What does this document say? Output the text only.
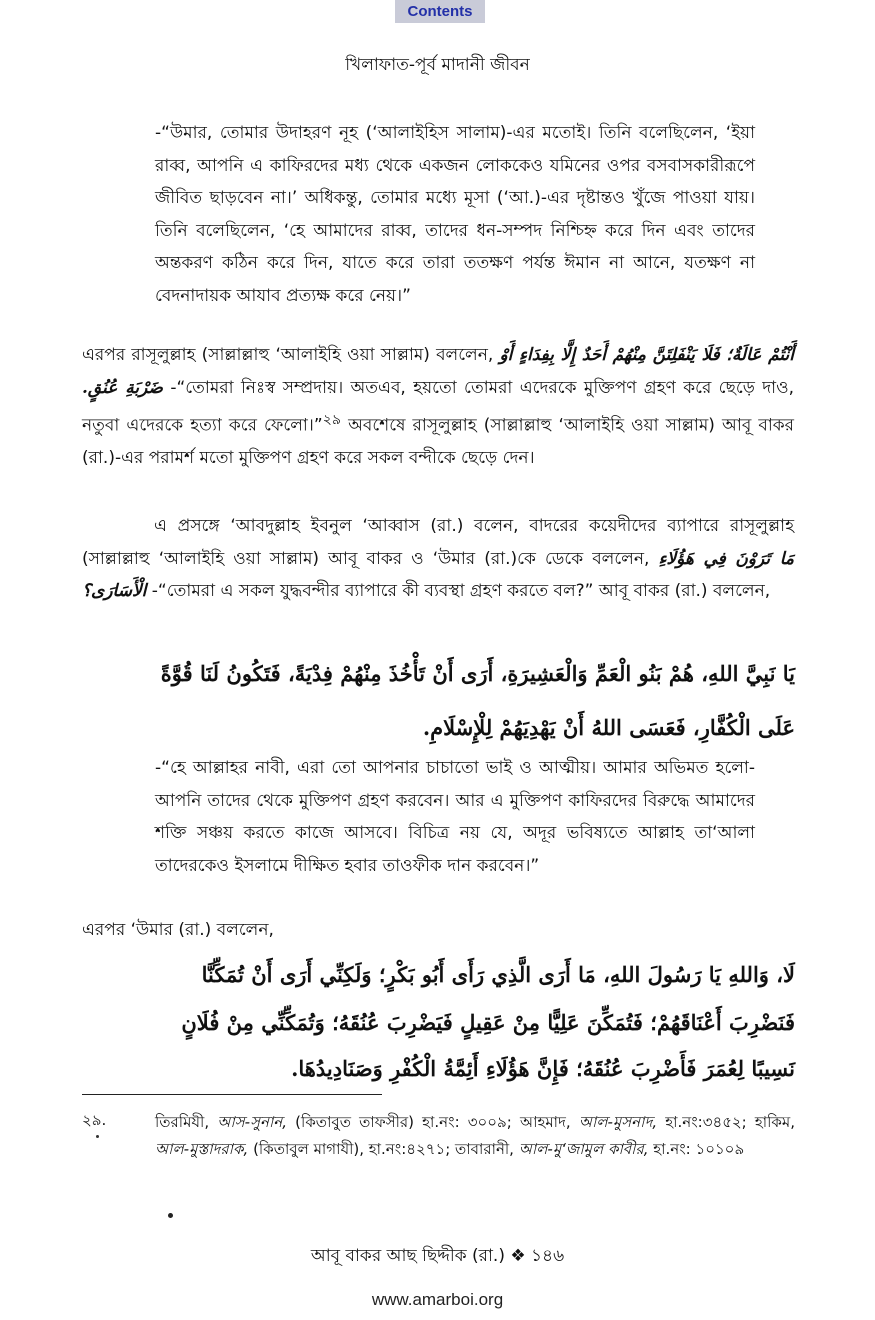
Contents
খিলাফাত-পূর্ব মাদানী জীবন

-“উমার, তোমার উদাহরণ নূহ (‘আলাইহিস সালাম)-এর মতোই। তিনি বলেছিলেন, ‘ইয়া রাব্ব, আপনি এ কাফিরদের মধ্য থেকে একজন লোককেও যমিনের ওপর বসবাসকারীরূপে জীবিত ছাড়বেন না।’ অধিকন্তু, তোমার মধ্যে মূসা (‘আ.)-এর দৃষ্টান্তও খুঁজে পাওয়া যায়। তিনি বলেছিলেন, ‘হে আমাদের রাব্ব, তাদের ধন-সম্পদ নিশ্চিহ্ন করে দিন এবং তাদের অন্তকরণ কঠিন করে দিন, যাতে করে তারা ততক্ষণ পর্যন্ত ঈমান না আনে, যতক্ষণ না বেদনাদায়ক আযাব প্রত্যক্ষ করে নেয়।”

এরপর রাসূলুল্লাহ (সাল্লাল্লাহু ‘আলাইহি ওয়া সাল্লাম) বললেন, أَنْتُمْ عَالَةٌ؛ فَلَا يَنْفَلِتَنَّ مِنْهُمْ أَحَدٌ إِلَّا بِفِدَاءٍ أَوْ ضَرْبَةِ عُنُقٍ. -“তোমরা নিঃস্ব সম্প্রদায়। অতএব, হয়তো তোমরা এদেরকে মুক্তিপণ গ্রহণ করে ছেড়ে দাও, নতুবা এদেরকে হত্যা করে ফেলো।”$^{২৯}$ অবশেষে রাসূলুল্লাহ (সাল্লাল্লাহু ‘আলাইহি ওয়া সাল্লাম) আবূ বাকর (রা.)-এর পরামর্শ মতো মুক্তিপণ গ্রহণ করে সকল বন্দীকে ছেড়ে দেন।

এ প্রসঙ্গে ‘আবদুল্লাহ ইবনুল ‘আব্বাস (রা.) বলেন, বাদরের কয়েদীদের ব্যাপারে রাসূলুল্লাহ (সাল্লাল্লাহু ‘আলাইহি ওয়া সাল্লাম) আবূ বাকর ও ‘উমার (রা.)কে ডেকে বললেন, مَا تَرَوْنَ فِي هَؤُلَاءِ الْأَسَارَى؟ -“তোমরা এ সকল যুদ্ধবন্দীর ব্যাপারে কী ব্যবস্থা গ্রহণ করতে বল?” আবূ বাকর (রা.) বললেন,

يَا نَبِيَّ اللهِ، هُمْ بَنُو الْعَمِّ وَالْعَشِيرَةِ، أَرَى أَنْ تَأْخُذَ مِنْهُمْ فِدْيَةً، فَتَكُونُ لَنَا قُوَّةً
عَلَى الْكُفَّارِ، فَعَسَى اللهُ أَنْ يَهْدِيَهُمْ لِلْإِسْلَامِ.

-“হে আল্লাহর নাবী, এরা তো আপনার চাচাতো ভাই ও আত্মীয়। আমার অভিমত হলো- আপনি তাদের থেকে মুক্তিপণ গ্রহণ করবেন। আর এ মুক্তিপণ কাফিরদের বিরুদ্ধে আমাদের শক্তি সঞ্চয় করতে কাজে আসবে। বিচিত্র নয় যে, অদূর ভবিষ্যতে আল্লাহ তা‘আলা তাদেরকেও ইসলামে দীক্ষিত হবার তাওফীক দান করবেন।”

এরপর ‘উমার (রা.) বললেন,

لَا، وَاللهِ يَا رَسُولَ اللهِ، مَا أَرَى الَّذِي رَأَى أَبُو بَكْرٍ؛ وَلَكِنِّي أَرَى أَنْ تُمَكِّنَّا
فَنَضْرِبَ أَعْنَاقَهُمْ؛ فَتُمَكِّنَ عَلِيًّا مِنْ عَقِيلٍ فَيَضْرِبَ عُنُقَهُ؛ وَتُمَكِّنِّي مِنْ فُلَانٍ
نَسِيبًا لِعُمَرَ فَأَضْرِبَ عُنُقَهُ؛ فَإِنَّ هَؤُلَاءِ أَئِمَّةُ الْكُفْرِ وَصَنَادِيدُهَا.
২৯.	তিরমিযী, আস-সুনান, (কিতাবুত তাফসীর) হা.নং: ৩০০৯; আহমাদ, আল-মুসনাদ, হা.নং:৩৪৫২; হাকিম, আল-মুস্তাদরাক, (কিতাবুল মাগাযী), হা.নং:৪২৭১; তাবারানী, আল-মু‘জামুল কাবীর, হা.নং: ১০১০৯
আবূ বাকর আছ ছিদ্দীক (রা.) ❖ ১৪৬
www.amarboi.org
